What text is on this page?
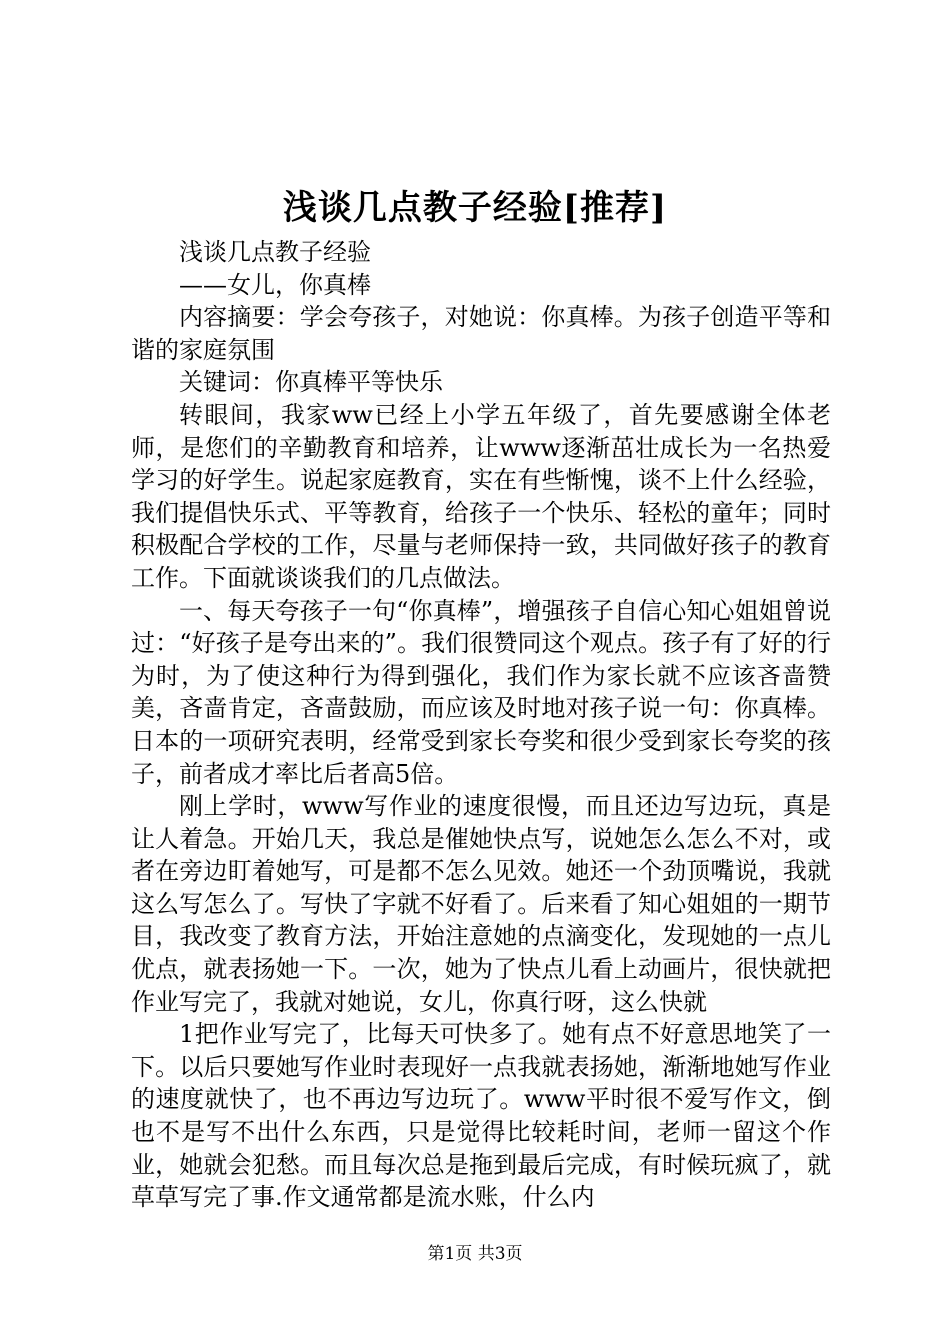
浅谈几点教子经验[推荐]

浅谈几点教子经验

——女儿，你真棒

内容摘要：学会夸孩子，对她说：你真棒。为孩子创造平等和谐的家庭氛围

关键词：你真棒平等快乐

转眼间，我家ww已经上小学五年级了，首先要感谢全体老师，是您们的辛勤教育和培养，让www逐渐茁壮成长为一名热爱学习的好学生。说起家庭教育，实在有些惭愧，谈不上什么经验，我们提倡快乐式、平等教育，给孩子一个快乐、轻松的童年；同时积极配合学校的工作，尽量与老师保持一致，共同做好孩子的教育工作。下面就谈谈我们的几点做法。

一、每天夸孩子一句“你真棒”，增强孩子自信心知心姐姐曾说过：“好孩子是夸出来的”。我们很赞同这个观点。孩子有了好的行为时，为了使这种行为得到强化，我们作为家长就不应该吝啬赞美，吝啬肯定，吝啬鼓励，而应该及时地对孩子说一句：你真棒。日本的一项研究表明，经常受到家长夸奖和很少受到家长夸奖的孩子，前者成才率比后者高5倍。

刚上学时，www写作业的速度很慢，而且还边写边玩，真是让人着急。开始几天，我总是催她快点写，说她怎么怎么不对，或者在旁边盯着她写，可是都不怎么见效。她还一个劲顶嘴说，我就这么写怎么了。写快了字就不好看了。后来看了知心姐姐的一期节目，我改变了教育方法，开始注意她的点滴变化，发现她的一点儿优点，就表扬她一下。一次，她为了快点儿看上动画片，很快就把作业写完了，我就对她说，女儿，你真行呀，这么快就

1把作业写完了，比每天可快多了。她有点不好意思地笑了一下。以后只要她写作业时表现好一点我就表扬她，渐渐地她写作业的速度就快了，也不再边写边玩了。www平时很不爱写作文，倒也不是写不出什么东西，只是觉得比较耗时间，老师一留这个作业，她就会犯愁。而且每次总是拖到最后完成，有时候玩疯了，就草草写完了事.作文通常都是流水账，什么内

第1页 共3页
